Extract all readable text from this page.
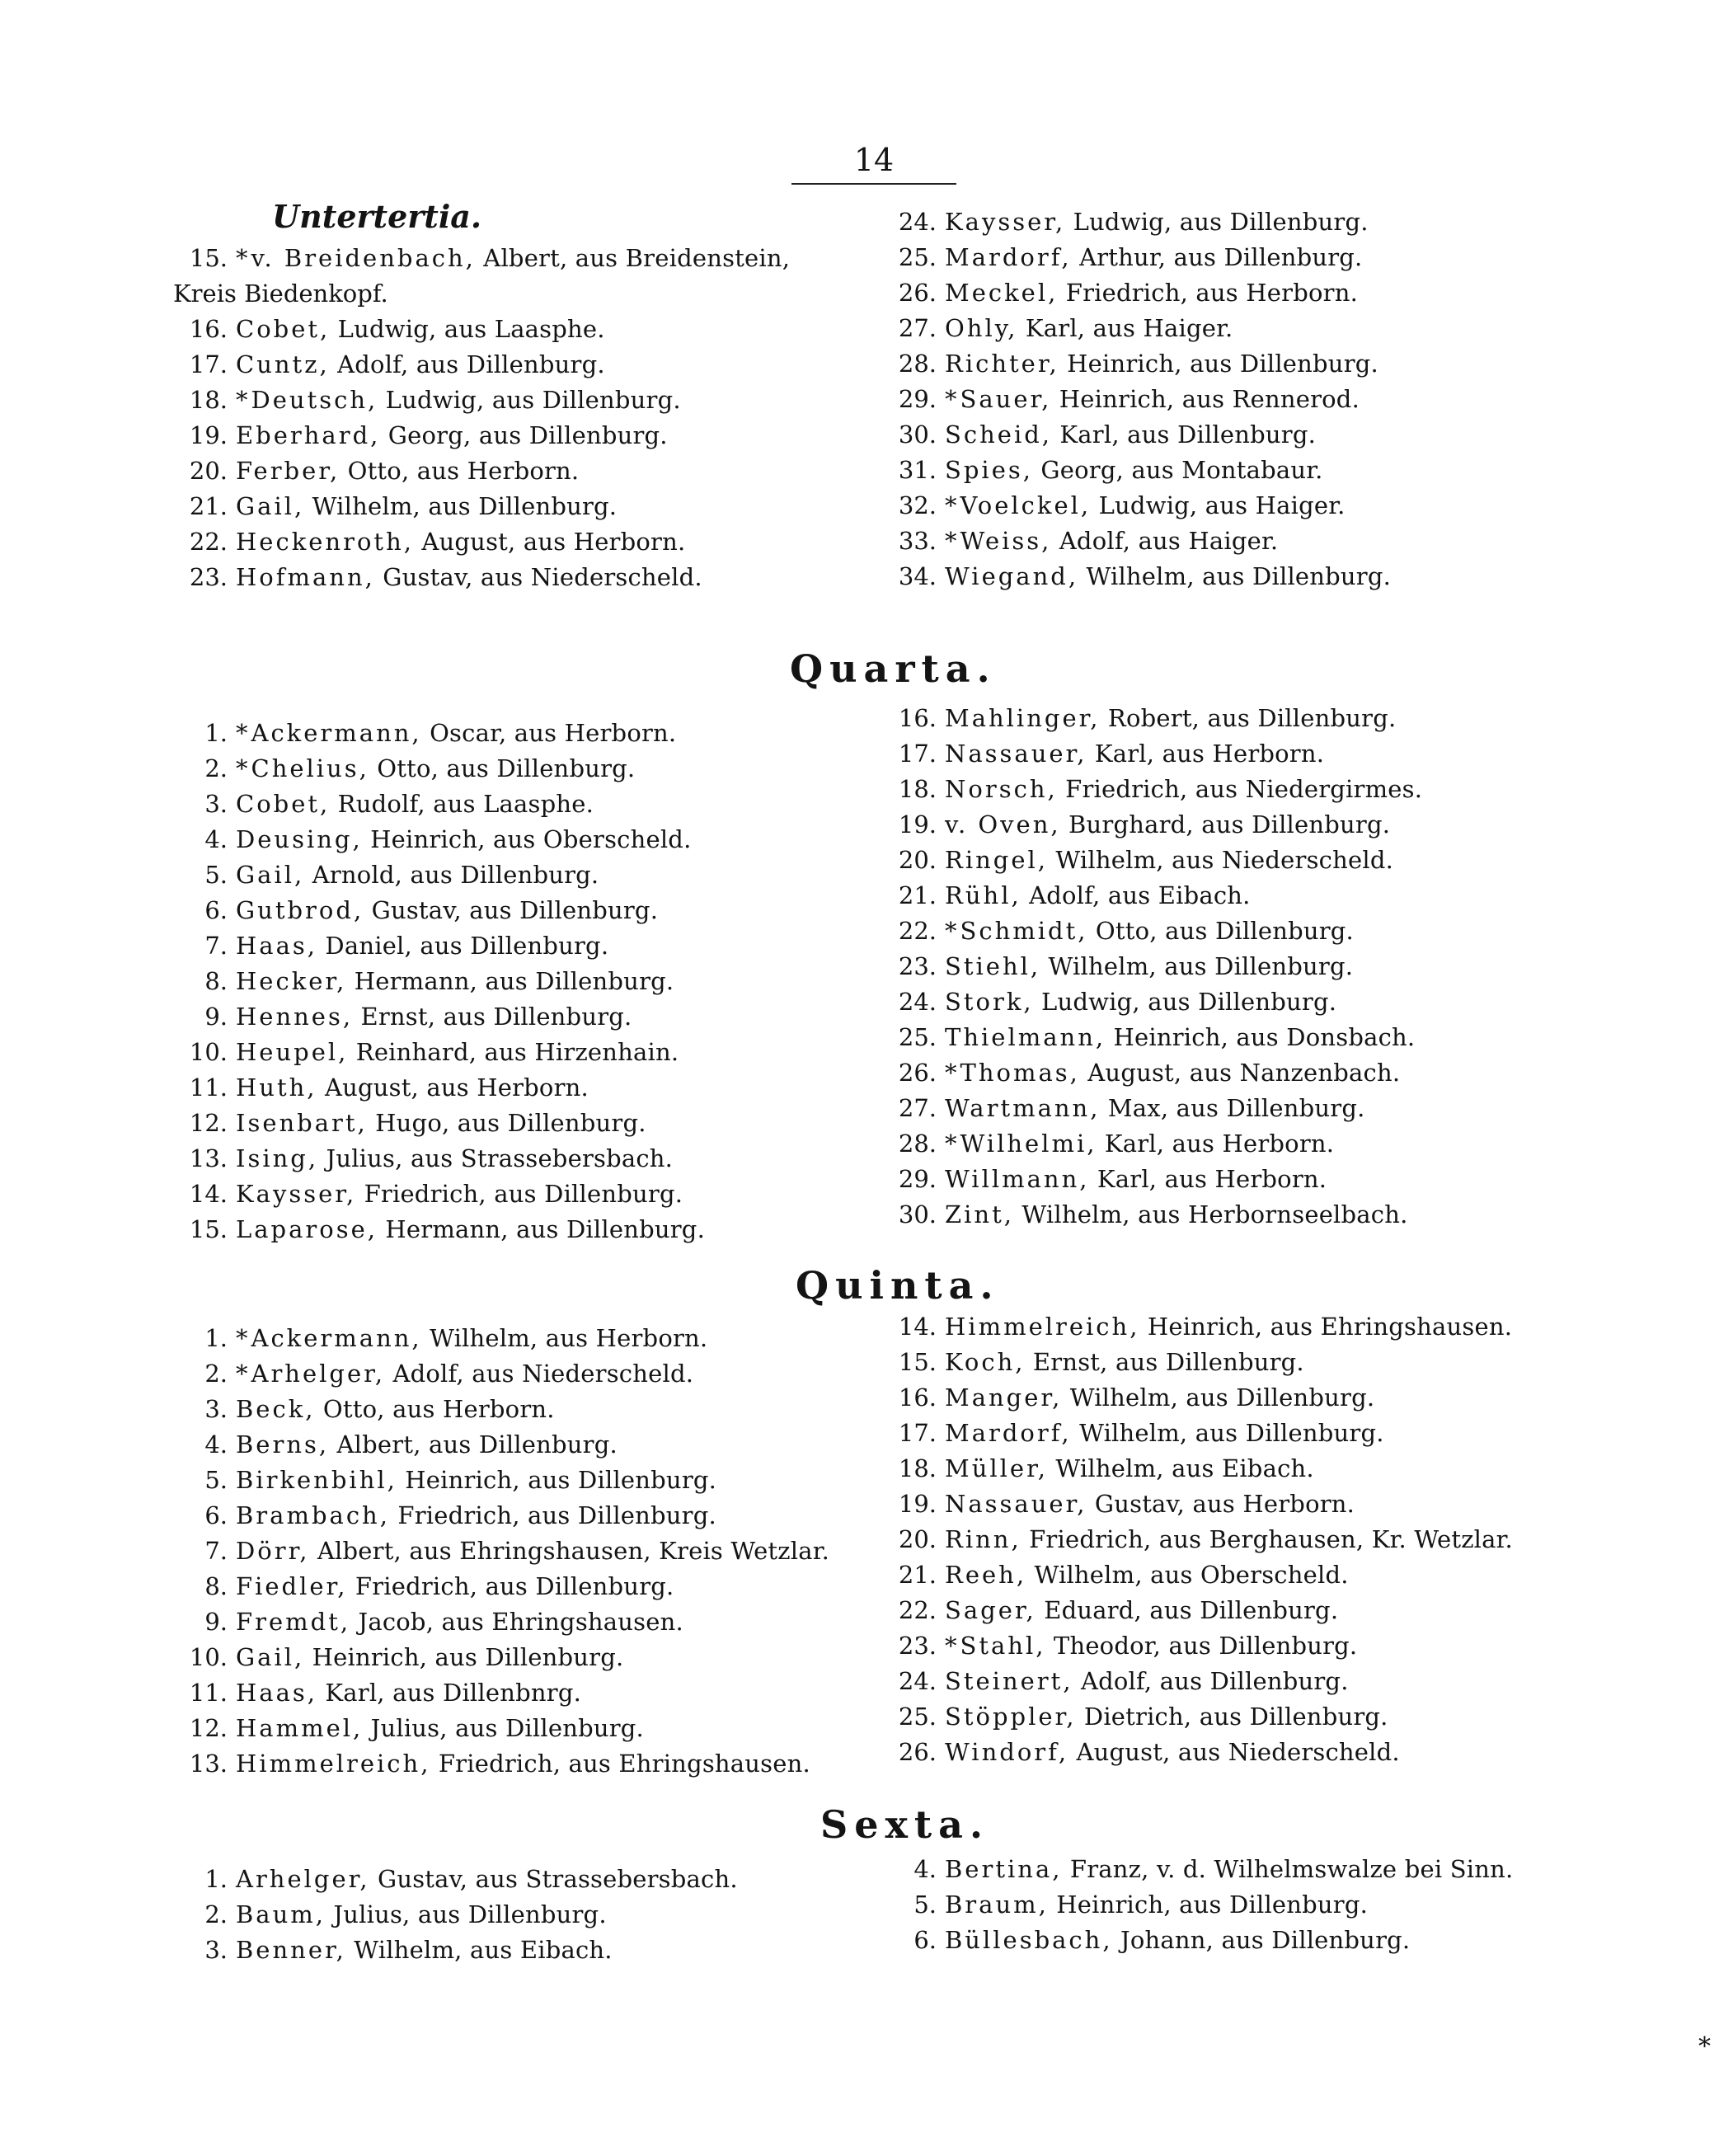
14
Untertertia.
15. * v. Breidenbach, Albert, aus Breidenstein,
Kreis Biedenkopf.
16. Cobet, Ludwig, aus Laasphe.
17. Cuntz, Adolf, aus Dillenburg.
18. * Deutsch, Ludwig, aus Dillenburg.
19. Eberhard, Georg, aus Dillenburg.
20. Ferber, Otto, aus Herborn.
21. Gail, Wilhelm, aus Dillenburg.
22. Heckenroth, August, aus Herborn.
23. Hofmann, Gustav, aus Niederscheld.
24. Kaysser, Ludwig, aus Dillenburg.
25. Mardorf, Arthur, aus Dillenburg.
26. Meckel, Friedrich, aus Herborn.
27. Ohly, Karl, aus Haiger.
28. Richter, Heinrich, aus Dillenburg.
29. * Sauer, Heinrich, aus Rennerod.
30. Scheid, Karl, aus Dillenburg.
31. Spies, Georg, aus Montabaur.
32. * Voelckel, Ludwig, aus Haiger.
33. * Weiss, Adolf, aus Haiger.
34. Wiegand, Wilhelm, aus Dillenburg.
Quarta.
1. * Ackermann, Oscar, aus Herborn.
2. * Chelius, Otto, aus Dillenburg.
3. Cobet, Rudolf, aus Laasphe.
4. Deusing, Heinrich, aus Oberscheld.
5. Gail, Arnold, aus Dillenburg.
6. Gutbrod, Gustav, aus Dillenburg.
7. Haas, Daniel, aus Dillenburg.
8. Hecker, Hermann, aus Dillenburg.
9. Hennes, Ernst, aus Dillenburg.
10. Heupel, Reinhard, aus Hirzenhain.
11. Huth, August, aus Herborn.
12. Isenbart, Hugo, aus Dillenburg.
13. Ising, Julius, aus Strassebersbach.
14. Kaysser, Friedrich, aus Dillenburg.
15. Laparose, Hermann, aus Dillenburg.
16. Mahlinger, Robert, aus Dillenburg.
17. Nassauer, Karl, aus Herborn.
18. Norsch, Friedrich, aus Niedergirmes.
19. v. Oven, Burghard, aus Dillenburg.
20. Ringel, Wilhelm, aus Niederscheld.
21. Rühl, Adolf, aus Eibach.
22. * Schmidt, Otto, aus Dillenburg.
23. Stiehl, Wilhelm, aus Dillenburg.
24. Stork, Ludwig, aus Dillenburg.
25. Thielmann, Heinrich, aus Donsbach.
26. * Thomas, August, aus Nanzenbach.
27. Wartmann, Max, aus Dillenburg.
28. * Wilhelmi, Karl, aus Herborn.
29. Willmann, Karl, aus Herborn.
30. Zint, Wilhelm, aus Herbornseelbach.
Quinta.
1. * Ackermann, Wilhelm, aus Herborn.
2. * Arhelger, Adolf, aus Niederscheld.
3. Beck, Otto, aus Herborn.
4. Berns, Albert, aus Dillenburg.
5. Birkenbihl, Heinrich, aus Dillenburg.
6. Brambach, Friedrich, aus Dillenburg.
7. Dörr, Albert, aus Ehringshausen, Kreis Wetzlar.
8. Fiedler, Friedrich, aus Dillenburg.
9. Fremdt, Jacob, aus Ehringshausen.
10. Gail, Heinrich, aus Dillenburg.
11. Haas, Karl, aus Dillenbnrg.
12. Hammel, Julius, aus Dillenburg.
13. Himmelreich, Friedrich, aus Ehringshausen.
14. Himmelreich, Heinrich, aus Ehringshausen.
15. Koch, Ernst, aus Dillenburg.
16. Manger, Wilhelm, aus Dillenburg.
17. Mardorf, Wilhelm, aus Dillenburg.
18. Müller, Wilhelm, aus Eibach.
19. Nassauer, Gustav, aus Herborn.
20. Rinn, Friedrich, aus Berghausen, Kr. Wetzlar.
21. Reeh, Wilhelm, aus Oberscheld.
22. Sager, Eduard, aus Dillenburg.
23. * Stahl, Theodor, aus Dillenburg.
24. Steinert, Adolf, aus Dillenburg.
25. Stöppler, Dietrich, aus Dillenburg.
26. Windorf, August, aus Niederscheld.
Sexta.
1. Arhelger, Gustav, aus Strassebersbach.
2. Baum, Julius, aus Dillenburg.
3. Benner, Wilhelm, aus Eibach.
4. Bertina, Franz, v. d. Wilhelmswalze bei Sinn.
5. Braum, Heinrich, aus Dillenburg.
6. Büllesbach, Johann, aus Dillenburg.
*
